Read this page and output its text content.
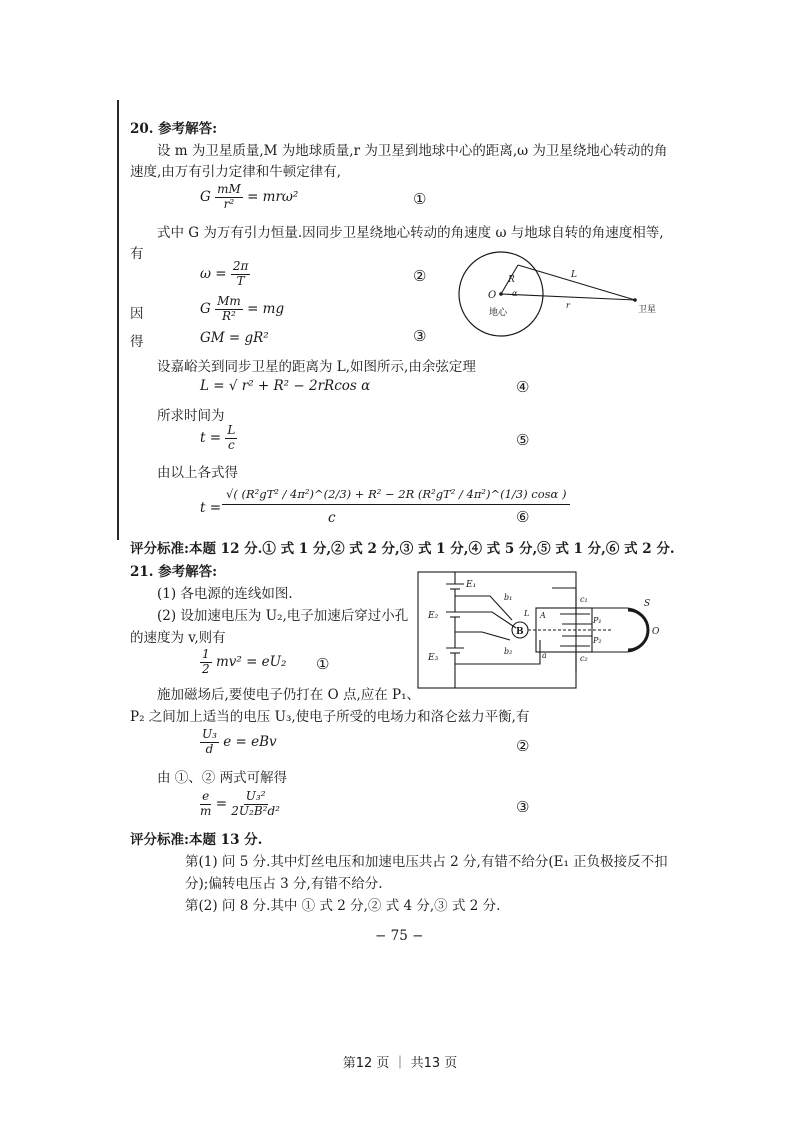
20. 参考解答:
设 m 为卫星质量,M 为地球质量,r 为卫星到地球中心的距离,ω 为卫星绕地心转动的角
速度,由万有引力定律和牛顿定律有,
G $\frac{mM}{\text{r²}} = mr\omega^2$	①
式中 G 为万有引力恒量.因同步卫星绕地心转动的角速度 ω 与地球自转的角速度相等,
有
$\omega = \frac{2\pi}{T}$	②
因	G $\frac{Mm}{\text{R²}}$ = mg
得	GM = gR²	③
O
地心
R
α
L
r	卫星
设嘉峪关到同步卫星的距离为 L,如图所示,由余弦定理
L = √ r² + R² − 2rRcos α	④
所求时间为
$t = \frac{L}{c}$	⑤
由以上各式得
t =
√( (R²gT² / 4π²)^(2/3) + R² − 2R (R²gT² / 4π²)^(1/3) cosα )
c	⑥
评分标准:本题 12 分.① 式 1 分,② 式 2 分,③ 式 1 分,④ 式 5 分,⑤ 式 1 分,⑥ 式 2 分.
21. 参考解答:
(1) 各电源的连线如图.
(2) 设加速电压为 U₂,电子加速后穿过小孔
的速度为 v,则有
$\frac{1}{2} mv^2 = eU_2$ ①
E₁
E₂
E₃
b₁
b₂
L
B
A
a
c₁
c₂
P₁
P₂
S
O
施加磁场后,要使电子仍打在 O 点,应在 P₁、
P₂ 之间加上适当的电压 U₃,使电子所受的电场力和洛仑兹力平衡,有
$\frac{\text{U₃}}{d}$ e = eBv	②
由 ①、② 两式可解得
$\frac{e}{m} = \frac{\text{U₃²}}{\text{2U₂B²d²}}$	③
评分标准:本题 13 分.
第(1) 问 5 分.其中灯丝电压和加速电压共占 2 分,有错不给分(E₁ 正负极接反不扣
分);偏转电压占 3 分,有错不给分.
第(2) 问 8 分.其中 ① 式 2 分,② 式 4 分,③ 式 2 分.
− 75 −
第12 页 ｜ 共13 页
